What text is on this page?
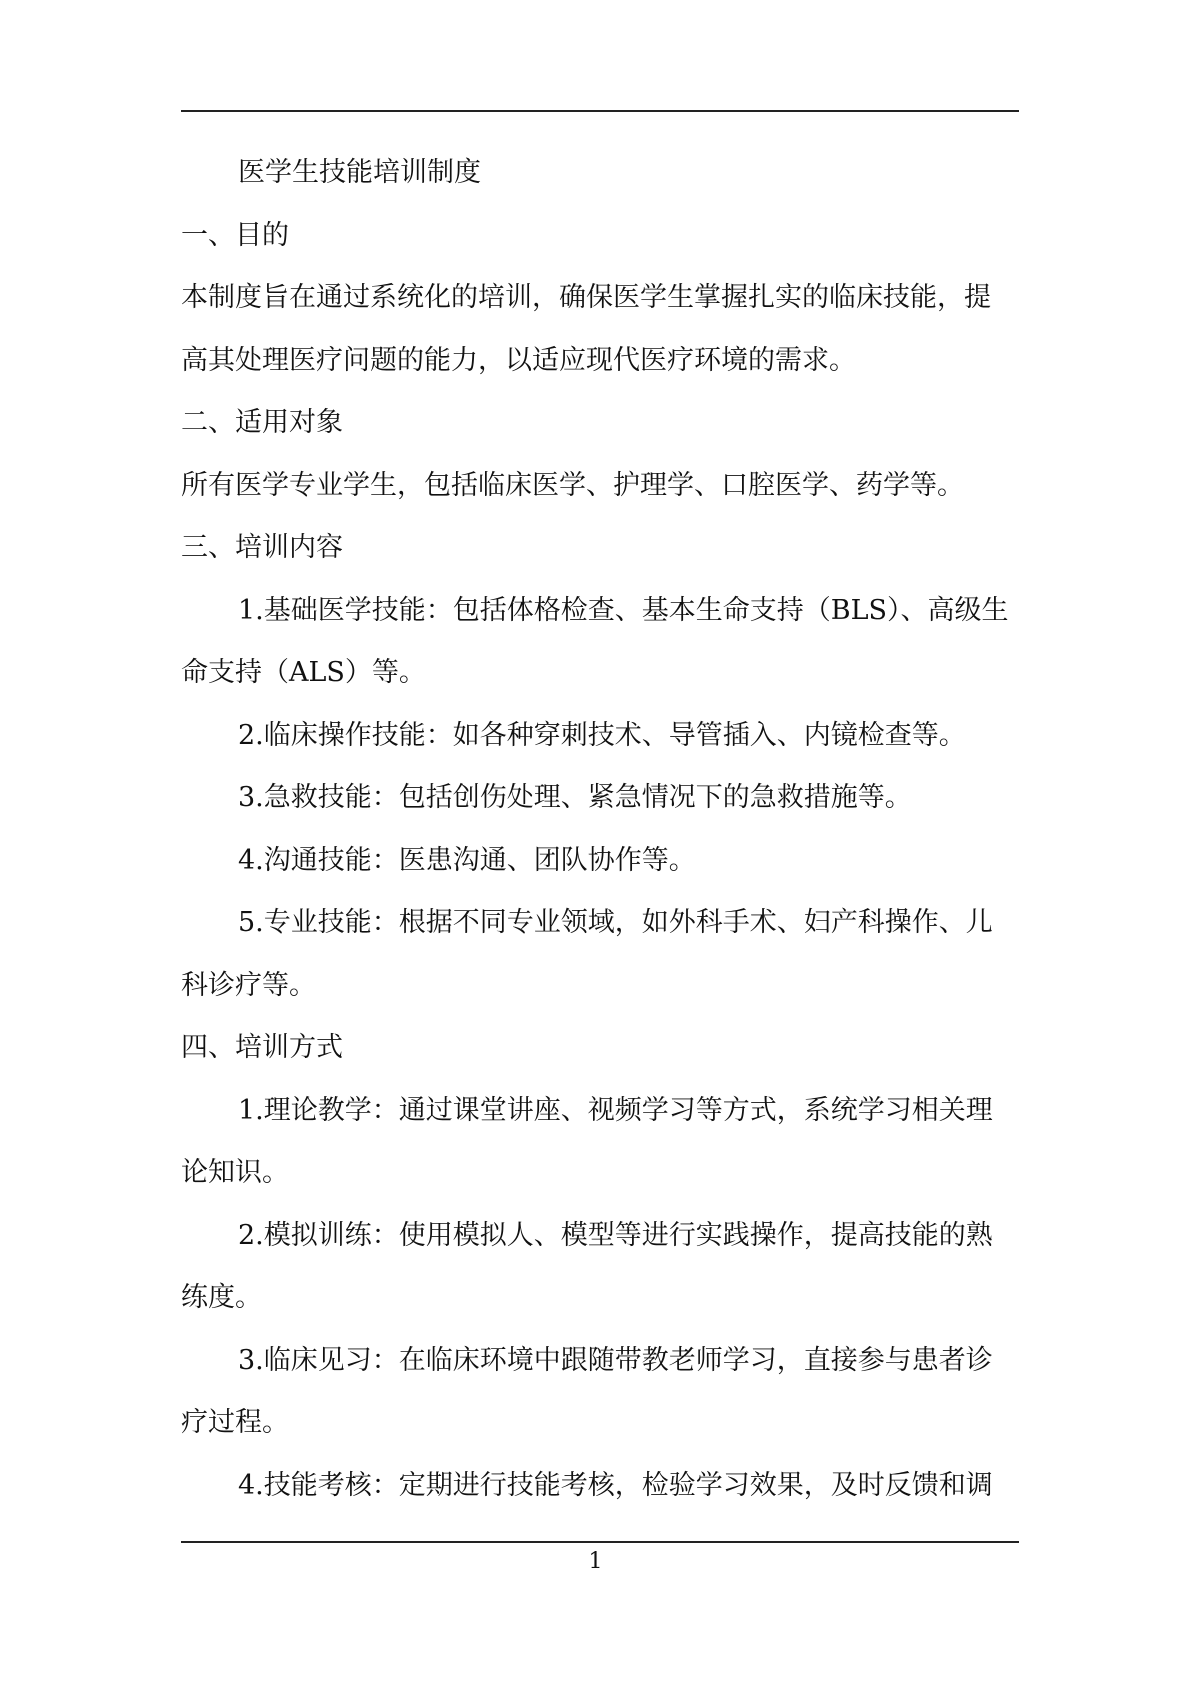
医学生技能培训制度
一、目的
本制度旨在通过系统化的培训，确保医学生掌握扎实的临床技能，提
高其处理医疗问题的能力，以适应现代医疗环境的需求。
二、适用对象
所有医学专业学生，包括临床医学、护理学、口腔医学、药学等。
三、培训内容
1.基础医学技能：包括体格检查、基本生命支持（BLS）、高级生
命支持（ALS）等。
2.临床操作技能：如各种穿刺技术、导管插入、内镜检查等。
3.急救技能：包括创伤处理、紧急情况下的急救措施等。
4.沟通技能：医患沟通、团队协作等。
5.专业技能：根据不同专业领域，如外科手术、妇产科操作、儿
科诊疗等。
四、培训方式
1.理论教学：通过课堂讲座、视频学习等方式，系统学习相关理
论知识。
2.模拟训练：使用模拟人、模型等进行实践操作，提高技能的熟
练度。
3.临床见习：在临床环境中跟随带教老师学习，直接参与患者诊
疗过程。
4.技能考核：定期进行技能考核，检验学习效果，及时反馈和调
1
